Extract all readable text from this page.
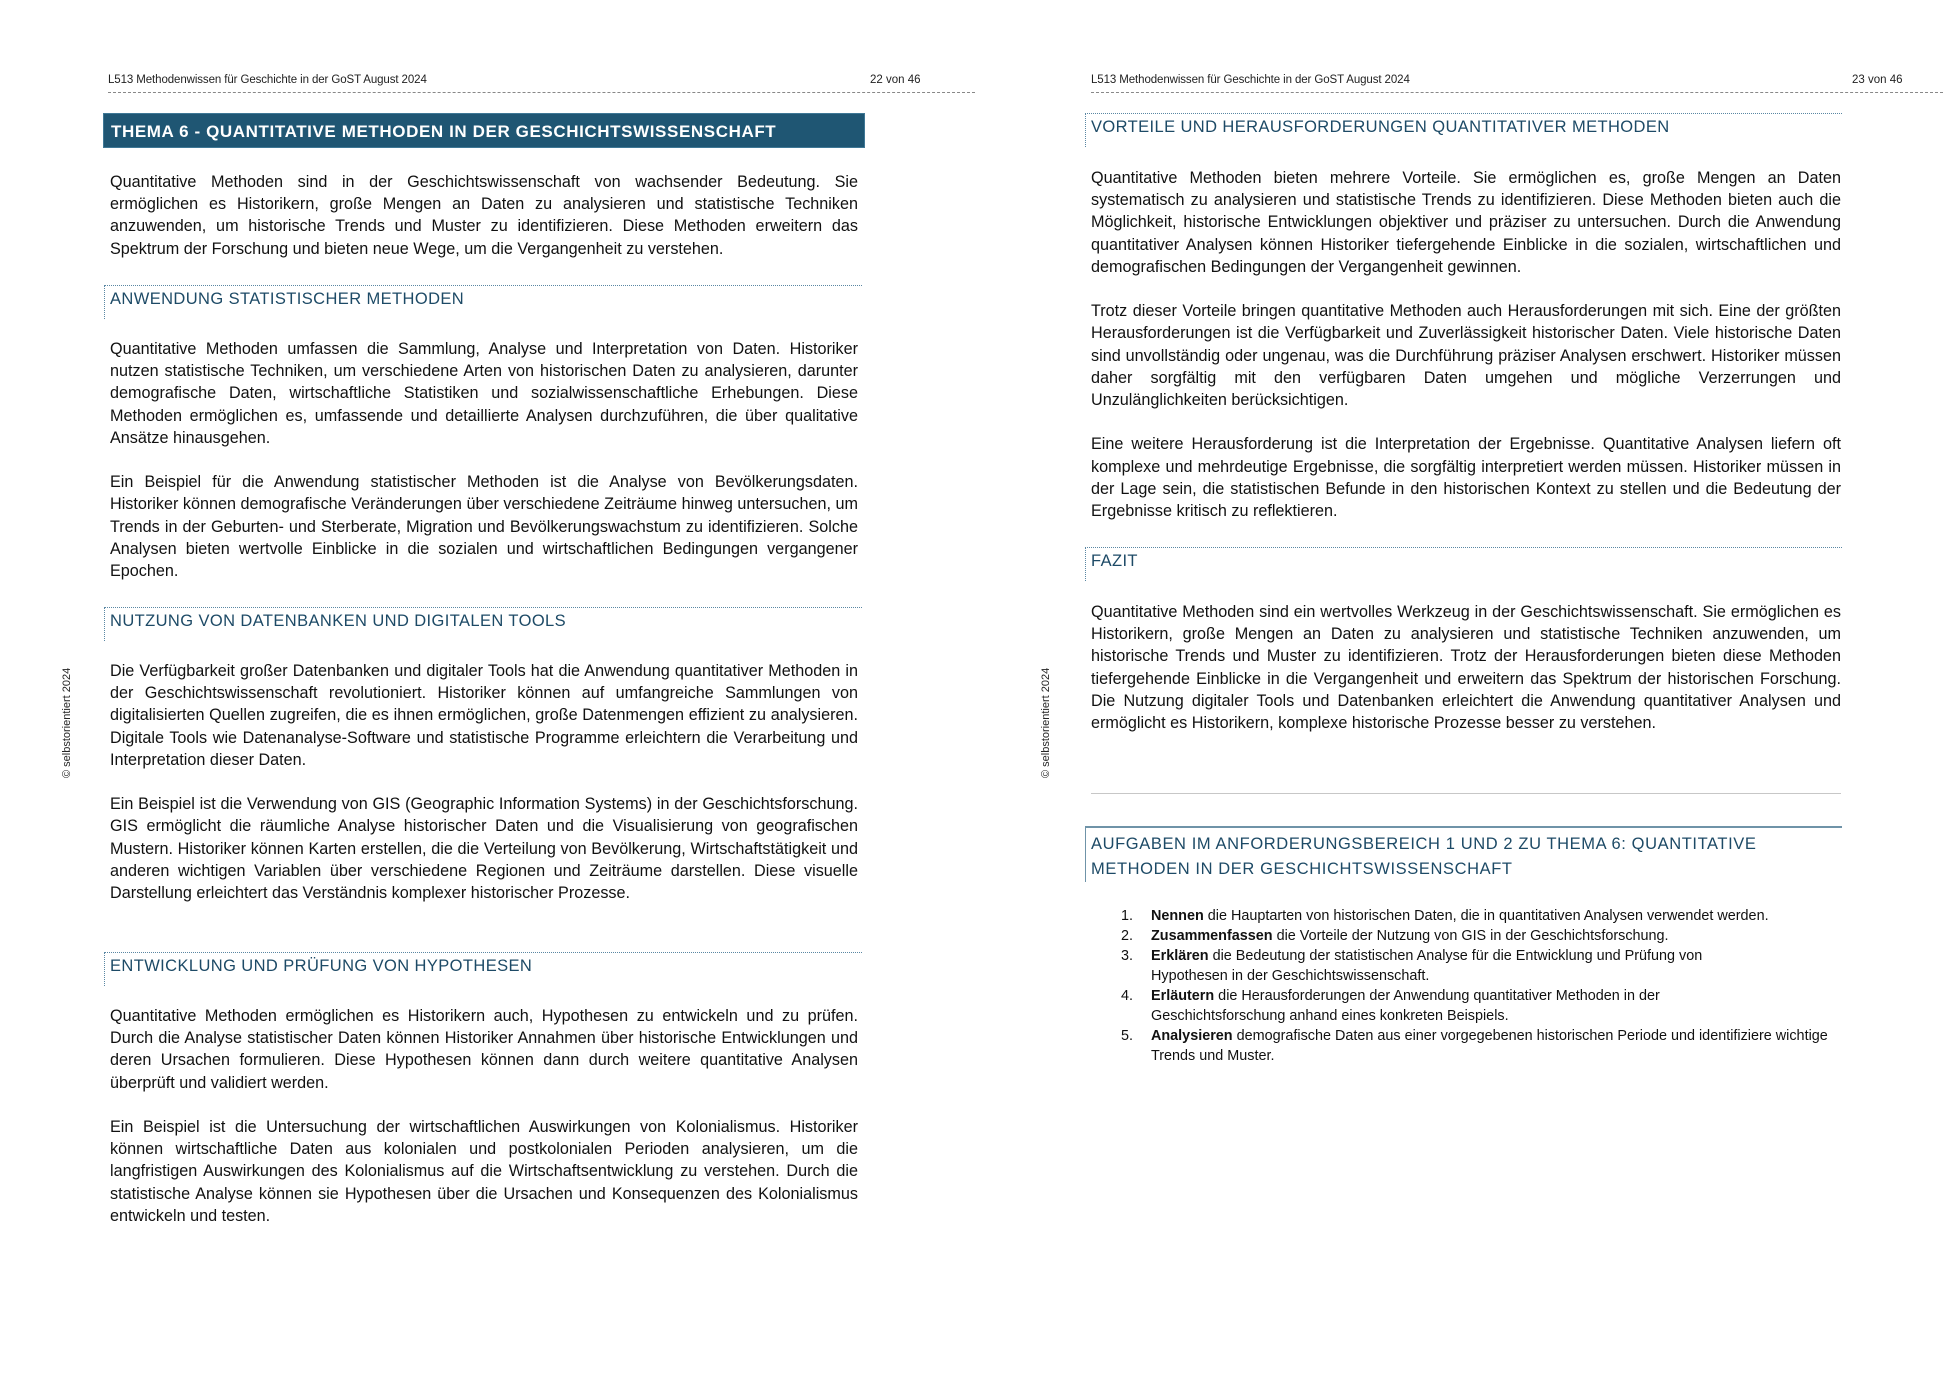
L513 Methodenwissen für Geschichte in der GoST August 2024	22 von 46
© selbstorientiert 2024
THEMA 6 - QUANTITATIVE METHODEN IN DER GESCHICHTSWISSENSCHAFT

Quantitative Methoden sind in der Geschichtswissenschaft von wachsender Bedeutung. Sie ermöglichen es Historikern, große Mengen an Daten zu analysieren und statistische Techniken anzuwenden, um historische Trends und Muster zu identifizieren. Diese Methoden erweitern das Spektrum der Forschung und bieten neue Wege, um die Vergangenheit zu verstehen.

ANWENDUNG STATISTISCHER METHODEN

Quantitative Methoden umfassen die Sammlung, Analyse und Interpretation von Daten. Historiker nutzen statistische Techniken, um verschiedene Arten von historischen Daten zu analysieren, darunter demografische Daten, wirtschaftliche Statistiken und sozialwissenschaftliche Erhebungen. Diese Methoden ermöglichen es, umfassende und detaillierte Analysen durchzuführen, die über qualitative Ansätze hinausgehen.

Ein Beispiel für die Anwendung statistischer Methoden ist die Analyse von Bevölkerungsdaten. Historiker können demografische Veränderungen über verschiedene Zeiträume hinweg untersuchen, um Trends in der Geburten- und Sterberate, Migration und Bevölkerungswachstum zu identifizieren. Solche Analysen bieten wertvolle Einblicke in die sozialen und wirtschaftlichen Bedingungen vergangener Epochen.

NUTZUNG VON DATENBANKEN UND DIGITALEN TOOLS

Die Verfügbarkeit großer Datenbanken und digitaler Tools hat die Anwendung quantitativer Methoden in der Geschichtswissenschaft revolutioniert. Historiker können auf umfangreiche Sammlungen von digitalisierten Quellen zugreifen, die es ihnen ermöglichen, große Datenmengen effizient zu analysieren. Digitale Tools wie Datenanalyse-Software und statistische Programme erleichtern die Verarbeitung und Interpretation dieser Daten.

Ein Beispiel ist die Verwendung von GIS (Geographic Information Systems) in der Geschichtsforschung. GIS ermöglicht die räumliche Analyse historischer Daten und die Visualisierung von geografischen Mustern. Historiker können Karten erstellen, die die Verteilung von Bevölkerung, Wirtschaftstätigkeit und anderen wichtigen Variablen über verschiedene Regionen und Zeiträume darstellen. Diese visuelle Darstellung erleichtert das Verständnis komplexer historischer Prozesse.

ENTWICKLUNG UND PRÜFUNG VON HYPOTHESEN

Quantitative Methoden ermöglichen es Historikern auch, Hypothesen zu entwickeln und zu prüfen. Durch die Analyse statistischer Daten können Historiker Annahmen über historische Entwicklungen und deren Ursachen formulieren. Diese Hypothesen können dann durch weitere quantitative Analysen überprüft und validiert werden.

Ein Beispiel ist die Untersuchung der wirtschaftlichen Auswirkungen von Kolonialismus. Historiker können wirtschaftliche Daten aus kolonialen und postkolonialen Perioden analysieren, um die langfristigen Auswirkungen des Kolonialismus auf die Wirtschaftsentwicklung zu verstehen. Durch die statistische Analyse können sie Hypothesen über die Ursachen und Konsequenzen des Kolonialismus entwickeln und testen.

L513 Methodenwissen für Geschichte in der GoST August 2024	23 von 46
© selbstorientiert 2024
VORTEILE UND HERAUSFORDERUNGEN QUANTITATIVER METHODEN

Quantitative Methoden bieten mehrere Vorteile. Sie ermöglichen es, große Mengen an Daten systematisch zu analysieren und statistische Trends zu identifizieren. Diese Methoden bieten auch die Möglichkeit, historische Entwicklungen objektiver und präziser zu untersuchen. Durch die Anwendung quantitativer Analysen können Historiker tiefergehende Einblicke in die sozialen, wirtschaftlichen und demografischen Bedingungen der Vergangenheit gewinnen.

Trotz dieser Vorteile bringen quantitative Methoden auch Herausforderungen mit sich. Eine der größten Herausforderungen ist die Verfügbarkeit und Zuverlässigkeit historischer Daten. Viele historische Daten sind unvollständig oder ungenau, was die Durchführung präziser Analysen erschwert. Historiker müssen daher sorgfältig mit den verfügbaren Daten umgehen und mögliche Verzerrungen und Unzulänglichkeiten berücksichtigen.

Eine weitere Herausforderung ist die Interpretation der Ergebnisse. Quantitative Analysen liefern oft komplexe und mehrdeutige Ergebnisse, die sorgfältig interpretiert werden müssen. Historiker müssen in der Lage sein, die statistischen Befunde in den historischen Kontext zu stellen und die Bedeutung der Ergebnisse kritisch zu reflektieren.

FAZIT

Quantitative Methoden sind ein wertvolles Werkzeug in der Geschichtswissenschaft. Sie ermöglichen es Historikern, große Mengen an Daten zu analysieren und statistische Techniken anzuwenden, um historische Trends und Muster zu identifizieren. Trotz der Herausforderungen bieten diese Methoden tiefergehende Einblicke in die Vergangenheit und erweitern das Spektrum der historischen Forschung. Die Nutzung digitaler Tools und Datenbanken erleichtert die Anwendung quantitativer Analysen und ermöglicht es Historikern, komplexe historische Prozesse besser zu verstehen.

AUFGABEN IM ANFORDERUNGSBEREICH 1 UND 2 ZU THEMA 6: QUANTITATIVE METHODEN IN DER GESCHICHTSWISSENSCHAFT
1. Nennen die Hauptarten von historischen Daten, die in quantitativen Analysen verwendet werden.
2. Zusammenfassen die Vorteile der Nutzung von GIS in der Geschichtsforschung.
3. Erklären die Bedeutung der statistischen Analyse für die Entwicklung und Prüfung von Hypothesen in der Geschichtswissenschaft.
4. Erläutern die Herausforderungen der Anwendung quantitativer Methoden in der Geschichtsforschung anhand eines konkreten Beispiels.
5. Analysieren demografische Daten aus einer vorgegebenen historischen Periode und identifiziere wichtige Trends und Muster.
